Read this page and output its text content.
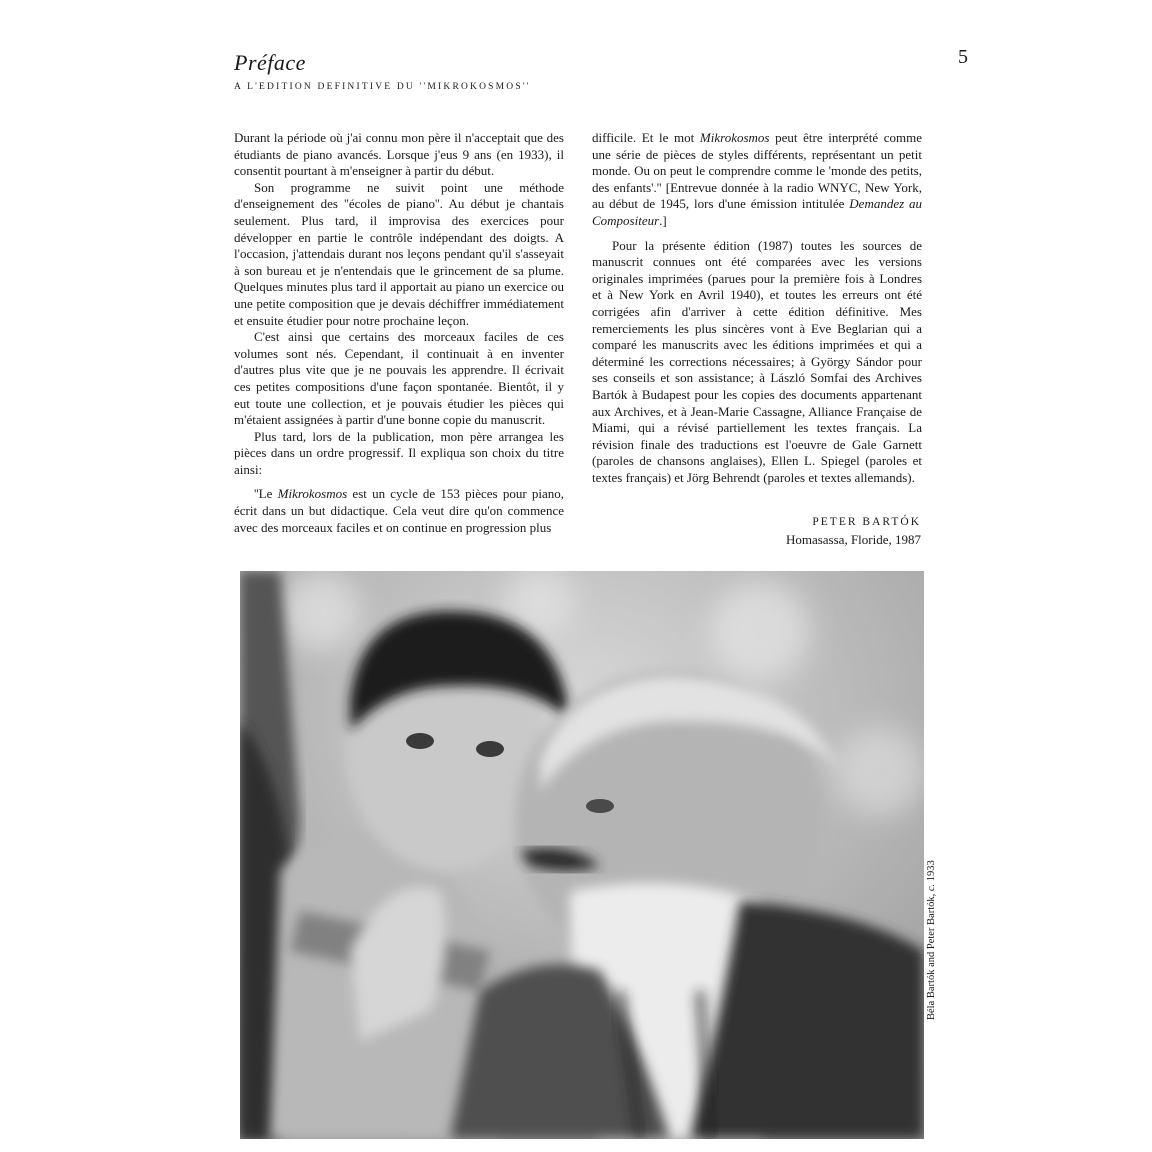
Préface
A L'EDITION DEFINITIVE DU ''MIKROKOSMOS''
5

Durant la période où j'ai connu mon père il n'acceptait que des étudiants de piano avancés. Lorsque j'eus 9 ans (en 1933), il consentit pourtant à m'enseigner à partir du début.

Son programme ne suivit point une méthode d'enseignement des ''écoles de piano''. Au début je chantais seulement. Plus tard, il improvisa des exercices pour développer en partie le contrôle indépendant des doigts. A l'occasion, j'attendais durant nos leçons pendant qu'il s'asseyait à son bureau et je n'entendais que le grincement de sa plume. Quelques minutes plus tard il apportait au piano un exercice ou une petite composition que je devais déchiffrer immédiatement et ensuite étudier pour notre prochaine leçon.

C'est ainsi que certains des morceaux faciles de ces volumes sont nés. Cependant, il continuait à en inventer d'autres plus vite que je ne pouvais les apprendre. Il écrivait ces petites compositions d'une façon spontanée. Bientôt, il y eut toute une collection, et je pouvais étudier les pièces qui m'étaient assignées à partir d'une bonne copie du manuscrit.

Plus tard, lors de la publication, mon père arrangea les pièces dans un ordre progressif. Il expliqua son choix du titre ainsi:

''Le Mikrokosmos est un cycle de 153 pièces pour piano, écrit dans un but didactique. Cela veut dire qu'on commence avec des morceaux faciles et on continue en progression plus

difficile. Et le mot Mikrokosmos peut être interprété comme une série de pièces de styles différents, représentant un petit monde. Ou on peut le comprendre comme le 'monde des petits, des enfants'.'' [Entrevue donnée à la radio WNYC, New York, au début de 1945, lors d'une émission intitulée Demandez au Compositeur.]

Pour la présente édition (1987) toutes les sources de manuscrit connues ont été comparées avec les versions originales imprimées (parues pour la première fois à Londres et à New York en Avril 1940), et toutes les erreurs ont été corrigées afin d'arriver à cette édition définitive. Mes remerciements les plus sincères vont à Eve Beglarian qui a comparé les manuscrits avec les éditions imprimées et qui a déterminé les corrections nécessaires; à György Sándor pour ses conseils et son assistance; à László Somfai des Archives Bartók à Budapest pour les copies des documents appartenant aux Archives, et à Jean-Marie Cassagne, Alliance Française de Miami, qui a révisé partiellement les textes français. La révision finale des traductions est l'oeuvre de Gale Garnett (paroles de chansons anglaises), Ellen L. Spiegel (paroles et textes français) et Jörg Behrendt (paroles et textes allemands).

PETER BARTÓK
Homasassa, Floride, 1987
Béla Bartók and Peter Bartók, c. 1933
